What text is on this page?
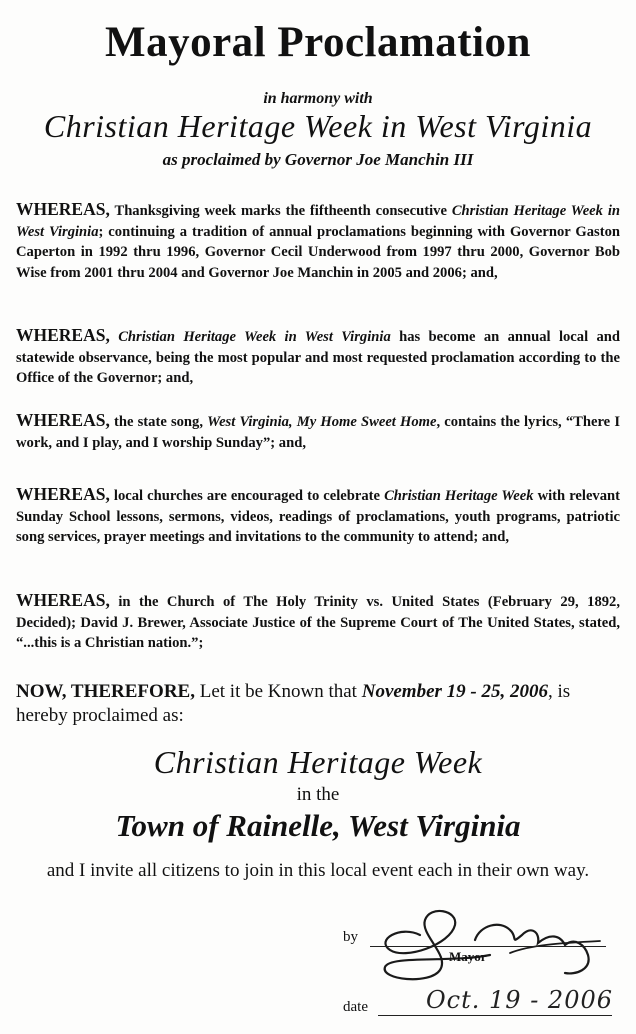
Mayoral Proclamation
in harmony with
Christian Heritage Week in West Virginia
as proclaimed by Governor Joe Manchin III

WHEREAS, Thanksgiving week marks the fiftheenth consecutive Christian Heritage Week in West Virginia; continuing a tradition of annual proclamations beginning with Governor Gaston Caperton in 1992 thru 1996, Governor Cecil Underwood from 1997 thru 2000, Governor Bob Wise from 2001 thru 2004 and Governor Joe Manchin in 2005 and 2006; and,

WHEREAS, Christian Heritage Week in West Virginia has become an annual local and statewide observance, being the most popular and most requested proclamation according to the Office of the Governor; and,

WHEREAS, the state song, West Virginia, My Home Sweet Home, contains the lyrics, “There I work, and I play, and I worship Sunday”; and,

WHEREAS, local churches are encouraged to celebrate Christian Heritage Week with relevant Sunday School lessons, sermons, videos, readings of proclamations, youth programs, patriotic song services, prayer meetings and invitations to the community to attend; and,

WHEREAS, in the Church of The Holy Trinity vs. United States (February 29, 1892, Decided); David J. Brewer, Associate Justice of the Supreme Court of The United States, stated, “...this is a Christian nation.”;

NOW, THEREFORE, Let it be Known that November 19 - 25, 2006, is hereby proclaimed as:

Christian Heritage Week
in the
Town of Rainelle, West Virginia
and I invite all citizens to join in this local event each in their own way.
by
Mayor
date Oct. 19 - 2006
